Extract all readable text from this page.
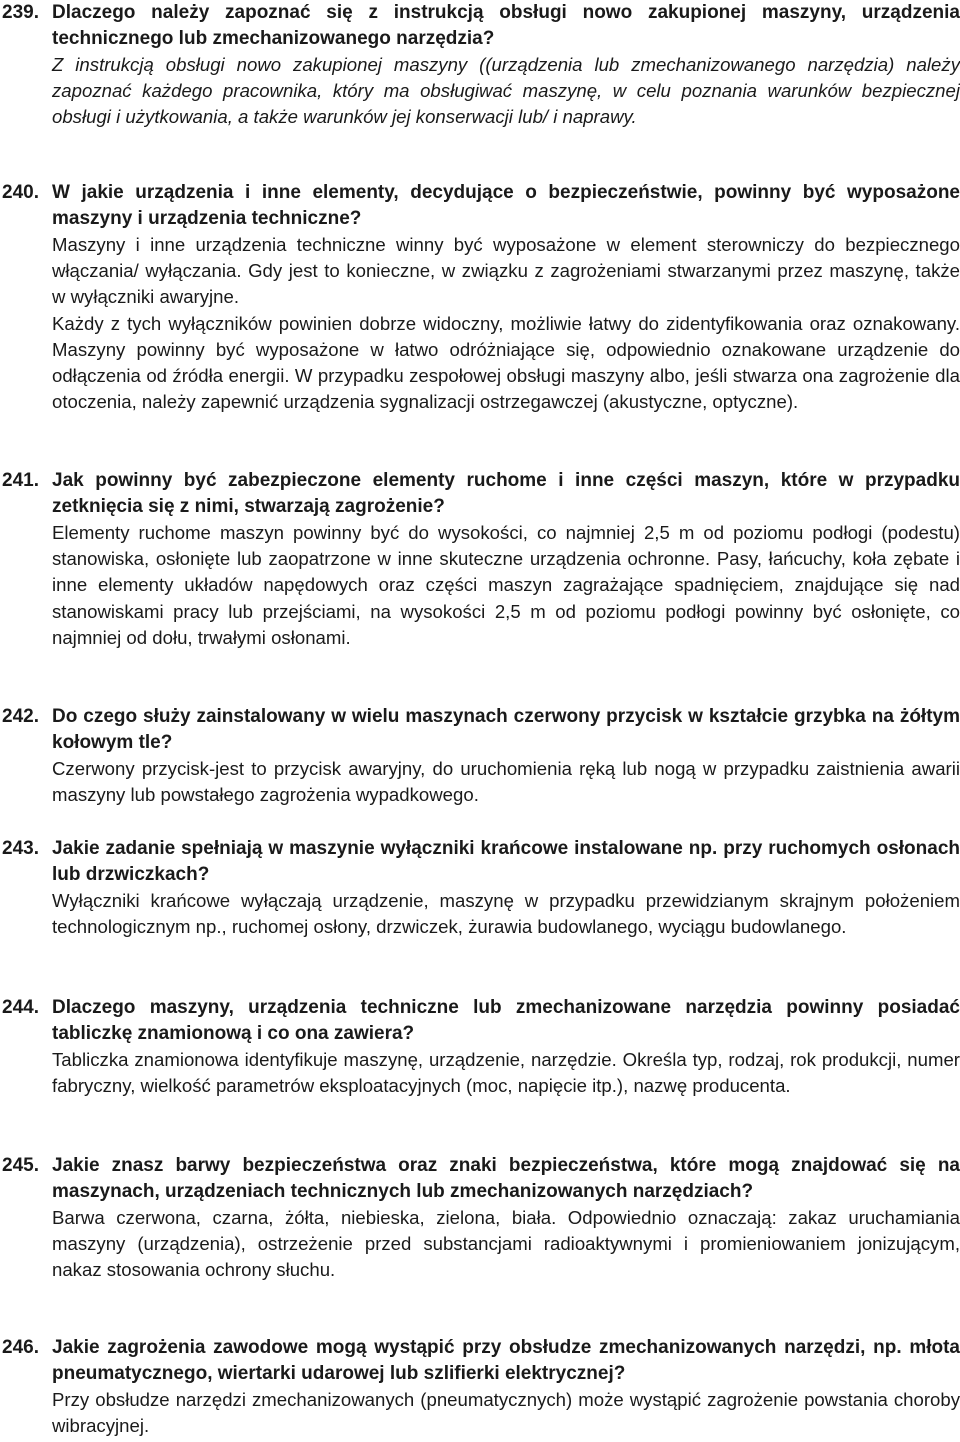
239. Dlaczego należy zapoznać się z instrukcją obsługi nowo zakupionej maszyny, urządzenia technicznego lub zmechanizowanego narzędzia?

Z instrukcją obsługi nowo zakupionej maszyny ((urządzenia lub zmechanizowanego narzędzia) należy zapoznać każdego pracownika, który ma obsługiwać maszynę, w celu poznania warunków bezpiecznej obsługi i użytkowania, a także warunków jej konserwacji lub/ i naprawy.

240. W jakie urządzenia i inne elementy, decydujące o bezpieczeństwie, powinny być wyposażone maszyny i urządzenia techniczne?

Maszyny i inne urządzenia techniczne winny być wyposażone w element sterowniczy do bezpiecznego włączania/ wyłączania. Gdy jest to konieczne, w związku z zagrożeniami stwarzanymi przez maszynę, także w wyłączniki awaryjne.

Każdy z tych wyłączników powinien dobrze widoczny, możliwie łatwy do zidentyfikowania oraz oznakowany. Maszyny powinny być wyposażone w łatwo odróżniające się, odpowiednio oznakowane urządzenie do odłączenia od źródła energii. W przypadku zespołowej obsługi maszyny albo, jeśli stwarza ona zagrożenie dla otoczenia, należy zapewnić urządzenia sygnalizacji ostrzegawczej (akustyczne, optyczne).

241. Jak powinny być zabezpieczone elementy ruchome i inne części maszyn, które w przypadku zetknięcia się z nimi, stwarzają zagrożenie?

Elementy ruchome maszyn powinny być do wysokości, co najmniej 2,5 m od poziomu podłogi (podestu) stanowiska, osłonięte lub zaopatrzone w inne skuteczne urządzenia ochronne. Pasy, łańcuchy, koła zębate i inne elementy układów napędowych oraz części maszyn zagrażające spadnięciem, znajdujące się nad stanowiskami pracy lub przejściami, na wysokości 2,5 m od poziomu podłogi powinny być osłonięte, co najmniej od dołu, trwałymi osłonami.

242. Do czego służy zainstalowany w wielu maszynach czerwony przycisk w kształcie grzybka na żółtym kołowym tle?

Czerwony przycisk-jest to przycisk awaryjny, do uruchomienia ręką lub nogą w przypadku zaistnienia awarii maszyny lub powstałego zagrożenia wypadkowego.

243. Jakie zadanie spełniają w maszynie wyłączniki krańcowe instalowane np. przy ruchomych osłonach lub drzwiczkach?

Wyłączniki krańcowe wyłączają urządzenie, maszynę w przypadku przewidzianym skrajnym położeniem technologicznym np., ruchomej osłony, drzwiczek, żurawia budowlanego, wyciągu budowlanego.

244. Dlaczego maszyny, urządzenia techniczne lub zmechanizowane narzędzia powinny posiadać tabliczkę znamionową i co ona zawiera?

Tabliczka znamionowa identyfikuje maszynę, urządzenie, narzędzie. Określa typ, rodzaj, rok produkcji, numer fabryczny, wielkość parametrów eksploatacyjnych (moc, napięcie itp.), nazwę producenta.

245. Jakie znasz barwy bezpieczeństwa oraz znaki bezpieczeństwa, które mogą znajdować się na maszynach, urządzeniach technicznych lub zmechanizowanych narzędziach?

Barwa czerwona, czarna, żółta, niebieska, zielona, biała. Odpowiednio oznaczają: zakaz uruchamiania maszyny (urządzenia), ostrzeżenie przed substancjami radioaktywnymi i promieniowaniem jonizującym, nakaz stosowania ochrony słuchu.

246. Jakie zagrożenia zawodowe mogą wystąpić przy obsłudze zmechanizowanych narzędzi, np. młota pneumatycznego, wiertarki udarowej lub szlifierki elektrycznej?

Przy obsłudze narzędzi zmechanizowanych (pneumatycznych) może wystąpić zagrożenie powstania choroby wibracyjnej.
